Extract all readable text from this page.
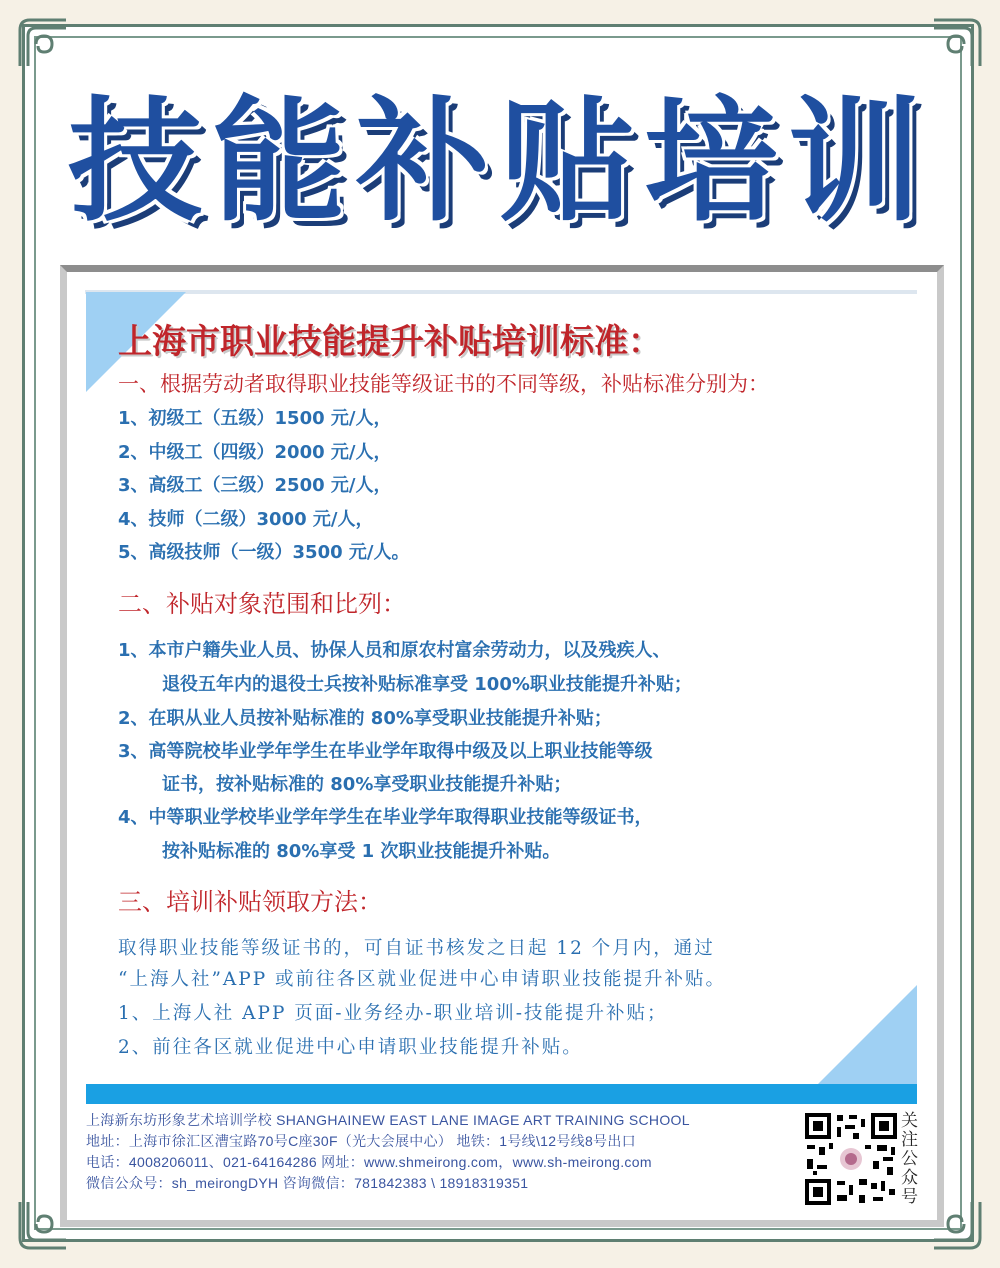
技能补贴培训
上海市职业技能提升补贴培训标准：
一、根据劳动者取得职业技能等级证书的不同等级，补贴标准分别为：
1、初级工（五级）1500 元/人，
2、中级工（四级）2000 元/人，
3、高级工（三级）2500 元/人，
4、技师（二级）3000 元/人，
5、高级技师（一级）3500 元/人。
二、补贴对象范围和比列：
1、本市户籍失业人员、协保人员和原农村富余劳动力，以及残疾人、
退役五年内的退役士兵按补贴标准享受 100%职业技能提升补贴；
2、在职从业人员按补贴标准的 80%享受职业技能提升补贴；
3、高等院校毕业学年学生在毕业学年取得中级及以上职业技能等级
证书，按补贴标准的 80%享受职业技能提升补贴；
4、中等职业学校毕业学年学生在毕业学年取得职业技能等级证书，
按补贴标准的 80%享受 1 次职业技能提升补贴。
三、培训补贴领取方法：
取得职业技能等级证书的，可自证书核发之日起 12 个月内，通过
“上海人社”APP 或前往各区就业促进中心申请职业技能提升补贴。
1、上海人社 APP 页面-业务经办-职业培训-技能提升补贴；
2、前往各区就业促进中心申请职业技能提升补贴。
上海新东坊形象艺术培训学校 SHANGHAINEW EAST LANE IMAGE ART TRAINING SCHOOL
地址：上海市徐汇区漕宝路70号C座30F（光大会展中心） 地铁：1号线\12号线8号出口
电话：4008206011、021-64164286 网址：www.shmeirong.com，www.sh-meirong.com
微信公众号：sh_meirongDYH 咨询微信：781842383 \ 18918319351
关注公众号
